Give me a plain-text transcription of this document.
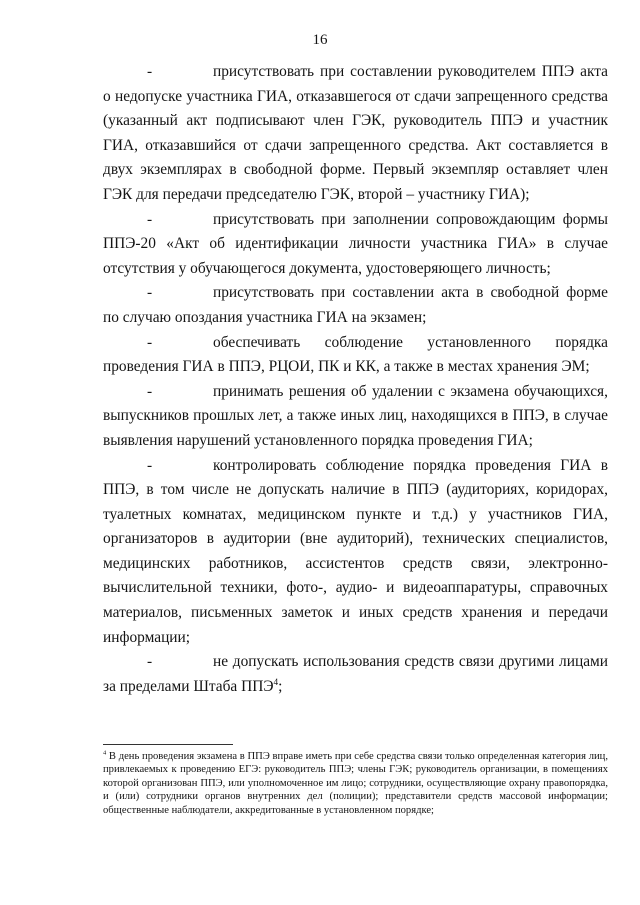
16

-	присутствовать при составлении руководителем ППЭ акта о недопуске участника ГИА, отказавшегося от сдачи запрещенного средства (указанный акт подписывают член ГЭК, руководитель ППЭ и участник ГИА, отказавшийся от сдачи запрещенного средства. Акт составляется в двух экземплярах в свободной форме. Первый экземпляр оставляет член ГЭК для передачи председателю ГЭК, второй – участнику ГИА);

-	присутствовать при заполнении сопровождающим формы ППЭ-20 «Акт об идентификации личности участника ГИА» в случае отсутствия у обучающегося документа, удостоверяющего личность;

-	присутствовать при составлении акта в свободной форме по случаю опоздания участника ГИА на экзамен;

-	обеспечивать соблюдение установленного порядка проведения ГИА в ППЭ, РЦОИ, ПК и КК, а также в местах хранения ЭМ;

-	принимать решения об удалении с экзамена обучающихся, выпускников прошлых лет, а также иных лиц, находящихся в ППЭ, в случае выявления нарушений установленного порядка проведения ГИА;

-	контролировать соблюдение порядка проведения ГИА в ППЭ, в том числе не допускать наличие в ППЭ (аудиториях, коридорах, туалетных комнатах, медицинском пункте и т.д.) у участников ГИА, организаторов в аудитории (вне аудиторий), технических специалистов, медицинских работников, ассистентов средств связи, электронно-вычислительной техники, фото-, аудио- и видеоаппаратуры, справочных материалов, письменных заметок и иных средств хранения и передачи информации;

-	не допускать использования средств связи другими лицами за пределами Штаба ППЭ$^4$;

$^4$ В день проведения экзамена в ППЭ вправе иметь при себе средства связи только определенная категория лиц, привлекаемых к проведению ЕГЭ: руководитель ППЭ; члены ГЭК; руководитель организации, в помещениях которой организован ППЭ, или уполномоченное им лицо; сотрудники, осуществляющие охрану правопорядка, и (или) сотрудники органов внутренних дел (полиции); представители средств массовой информации; общественные наблюдатели, аккредитованные в установленном порядке;
